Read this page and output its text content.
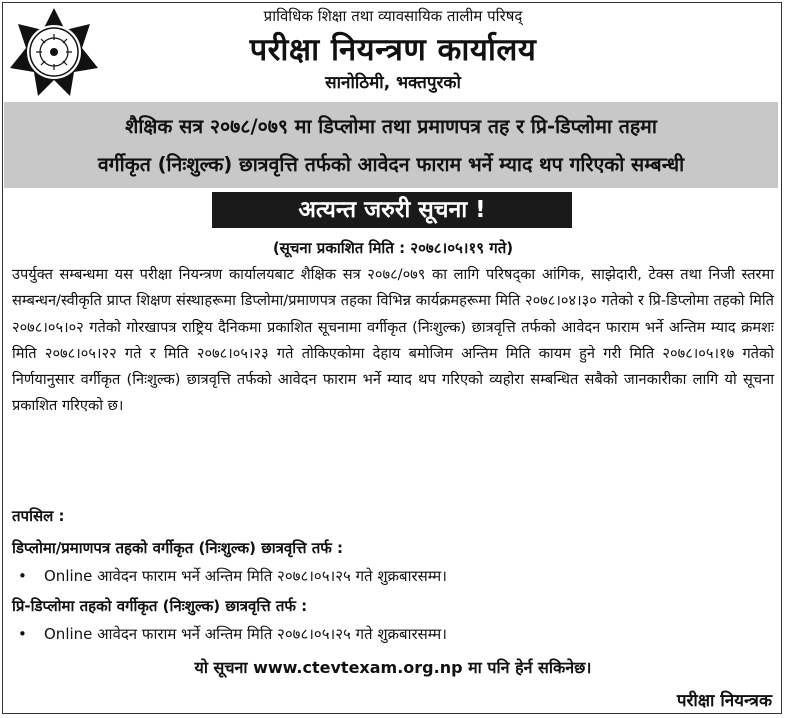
प्राविधिक शिक्षा तथा व्यावसायिक तालीम परिषद्
परीक्षा नियन्त्रण कार्यालय
सानोठिमी, भक्तपुरको
शैक्षिक सत्र २०७८/०७९ मा डिप्लोमा तथा प्रमाणपत्र तह र प्रि-डिप्लोमा तहमा
वर्गीकृत (निःशुल्क) छात्रवृत्ति तर्फको आवेदन फाराम भर्ने म्याद थप गरिएको सम्बन्धी
अत्यन्त जरुरी सूचना !
(सूचना प्रकाशित मिति : २०७८।०५।१९ गते)

उपर्युक्त सम्बन्धमा यस परीक्षा नियन्त्रण कार्यालयबाट शैक्षिक सत्र २०७८/०७९ का लागि परिषद्का आंगिक, साझेदारी, टेक्स तथा निजी स्तरमा सम्बन्धन/स्वीकृति प्राप्त शिक्षण संस्थाहरूमा डिप्लोमा/प्रमाणपत्र तहका विभिन्न कार्यक्रमहरूमा मिति २०७८।०४।३० गतेको र प्रि-डिप्लोमा तहको मिति २०७८।०५।०२ गतेको गोरखापत्र राष्ट्रिय दैनिकमा प्रकाशित सूचनामा वर्गीकृत (निःशुल्क) छात्रवृत्ति तर्फको आवेदन फाराम भर्ने अन्तिम म्याद क्रमशः मिति २०७८।०५।२२ गते र मिति २०७८।०५।२३ गते तोकिएकोमा देहाय बमोजिम अन्तिम मिति कायम हुने गरी मिति २०७८।०५।१७ गतेको निर्णयानुसार वर्गीकृत (निःशुल्क) छात्रवृत्ति तर्फको आवेदन फाराम भर्ने म्याद थप गरिएको व्यहोरा सम्बन्धित सबैको जानकारीका लागि यो सूचना प्रकाशित गरिएको छ।

तपसिल :
डिप्लोमा/प्रमाणपत्र तहको वर्गीकृत (निःशुल्क) छात्रवृत्ति तर्फ :
• Online आवेदन फाराम भर्ने अन्तिम मिति २०७८।०५।२५ गते शुक्रबारसम्म।
प्रि-डिप्लोमा तहको वर्गीकृत (निःशुल्क) छात्रवृत्ति तर्फ :
• Online आवेदन फाराम भर्ने अन्तिम मिति २०७८।०५।२५ गते शुक्रबारसम्म।
यो सूचना www.ctevtexam.org.np मा पनि हेर्न सकिनेछ।
परीक्षा नियन्त्रक
